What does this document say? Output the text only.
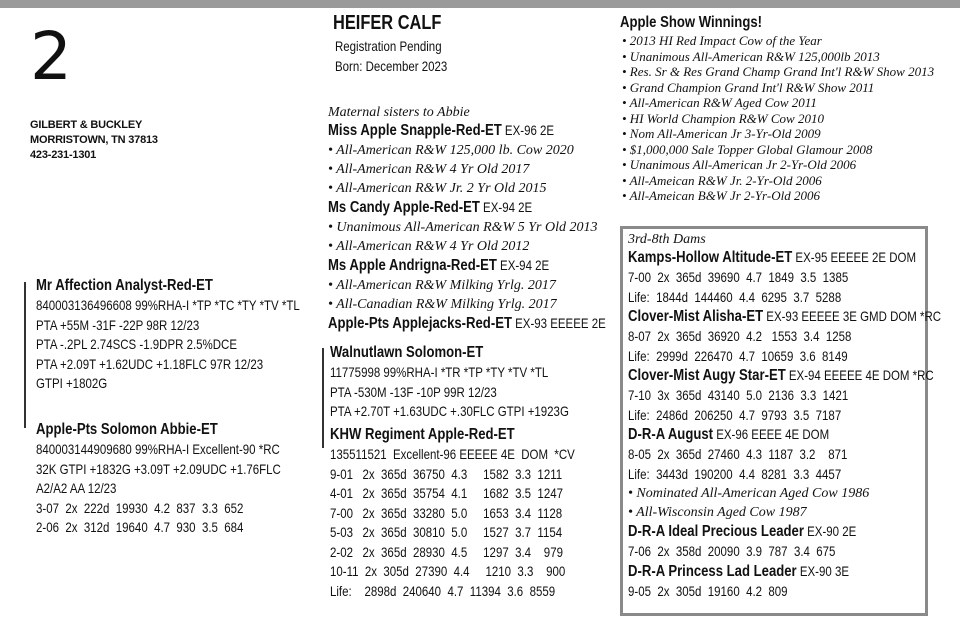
2
GILBERT & BUCKLEY
MORRISTOWN, TN 37813
423-231-1301
HEIFER CALF
Registration Pending
Born: December 2023
Mr Affection Analyst-Red-ET
840003136496608 99%RHA-I *TP *TC *TY *TV *TL
PTA +55M -31F -22P 98R 12/23
PTA -.2PL 2.74SCS -1.9DPR 2.5%DCE
PTA +2.09T +1.62UDC +1.18FLC 97R 12/23
GTPI +1802G
Apple-Pts Solomon Abbie-ET
840003144909680 99%RHA-I Excellent-90 *RC
32K GTPI +1832G +3.09T +2.09UDC +1.76FLC
A2/A2 AA 12/23
3-07  2x  222d  19930  4.2  837  3.3  652
2-06  2x  312d  19640  4.7  930  3.5  684
Maternal sisters to Abbie
Miss Apple Snapple-Red-ET EX-96 2E
• All-American R&W 125,000 lb. Cow 2020
• All-American R&W 4 Yr Old 2017
• All-American R&W Jr. 2 Yr Old 2015
Ms Candy Apple-Red-ET EX-94 2E
• Unanimous All-American R&W 5 Yr Old 2013
• All-American R&W 4 Yr Old 2012
Ms Apple Andrigna-Red-ET EX-94 2E
• All-American R&W Milking Yrlg. 2017
• All-Canadian R&W Milking Yrlg. 2017
Apple-Pts Applejacks-Red-ET EX-93 EEEEE 2E
Walnutlawn Solomon-ET
11775998 99%RHA-I *TR *TP *TY *TV *TL
PTA -530M -13F -10P 99R 12/23
PTA +2.70T +1.63UDC +.30FLC GTPI +1923G
KHW Regiment Apple-Red-ET
135511521  Excellent-96 EEEEE 4E  DOM  *CV
9-01   2x  365d  36750  4.3     1582  3.3  1211
4-01   2x  365d  35754  4.1     1682  3.5  1247
7-00   2x  365d  33280  5.0     1653  3.4  1128
5-03   2x  365d  30810  5.0     1527  3.7  1154
2-02   2x  365d  28930  4.5     1297  3.4    979
10-11  2x  305d  27390  4.4     1210  3.3    900
Life:    2898d  240640  4.7  11394  3.6  8559
Apple Show Winnings!
• 2013 HI Red Impact Cow of the Year
• Unanimous All-American R&W 125,000lb 2013
• Res. Sr & Res Grand Champ Grand Int'l R&W Show 2013
• Grand Champion Grand Int'l R&W Show 2011
• All-American R&W Aged Cow 2011
• HI World Champion R&W Cow 2010
• Nom All-American Jr 3-Yr-Old 2009
• $1,000,000 Sale Topper Global Glamour 2008
• Unanimous All-American Jr 2-Yr-Old 2006
• All-Ameican R&W Jr. 2-Yr-Old 2006
• All-Ameican B&W Jr 2-Yr-Old 2006
3rd-8th Dams
Kamps-Hollow Altitude-ET EX-95 EEEEE 2E DOM
7-00  2x  365d  39690  4.7  1849  3.5  1385
Life:  1844d  144460  4.4  6295  3.7  5288
Clover-Mist Alisha-ET EX-93 EEEEE 3E GMD DOM *RC
8-07  2x  365d  36920  4.2   1553  3.4  1258
Life:  2999d  226470  4.7  10659  3.6  8149
Clover-Mist Augy Star-ET EX-94 EEEEE 4E DOM *RC
7-10  3x  365d  43140  5.0  2136  3.3  1421
Life:  2486d  206250  4.7  9793  3.5  7187
D-R-A August EX-96 EEEE 4E DOM
8-05  2x  365d  27460  4.3  1187  3.2    871
Life:  3443d  190200  4.4  8281  3.3  4457
• Nominated All-American Aged Cow 1986
• All-Wisconsin Aged Cow 1987
D-R-A Ideal Precious Leader EX-90 2E
7-06  2x  358d  20090  3.9  787  3.4  675
D-R-A Princess Lad Leader EX-90 3E
9-05  2x  305d  19160  4.2  809
